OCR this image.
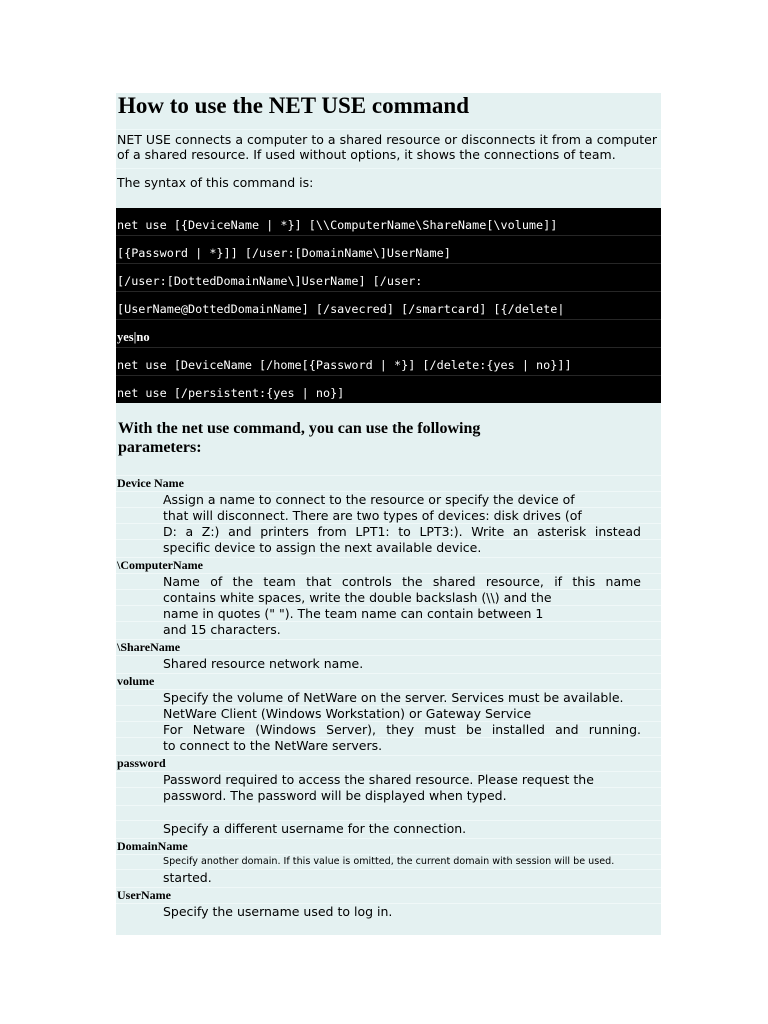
How to use the NET USE command
NET USE connects a computer to a shared resource or disconnects it from a computer of a shared resource. If used without options, it shows the connections of team.
The syntax of this command is:
net use [{DeviceName | *}] [\\ComputerName\ShareName[\volume]]
[{Password | *}]] [/user:[DomainName\]UserName]
[/user:[DottedDomainName\]UserName] [/user:
[UserName@DottedDomainName] [/savecred] [/smartcard] [{/delete|
yes|no
net use [DeviceName [/home[{Password | *}] [/delete:{yes | no}]]
net use [/persistent:{yes | no}]
With the net use command, you can use the following parameters:
Device Name
Assign a name to connect to the resource or specify the device of
that will disconnect. There are two types of devices: disk drives (of
D: a Z:) and printers from LPT1: to LPT3:). Write an asterisk instead
specific device to assign the next available device.
\ComputerName
Name of the team that controls the shared resource, if this name
contains white spaces, write the double backslash (\\) and the
name in quotes (" "). The team name can contain between 1
and 15 characters.
\ShareName
Shared resource network name.
volume
Specify the volume of NetWare on the server. Services must be available.
NetWare Client (Windows Workstation) or Gateway Service
For Netware (Windows Server), they must be installed and running.
to connect to the NetWare servers.
password
Password required to access the shared resource. Please request the
password. The password will be displayed when typed.
Specify a different username for the connection.
DomainName
Specify another domain. If this value is omitted, the current domain with session will be used.
started.
UserName
Specify the username used to log in.
